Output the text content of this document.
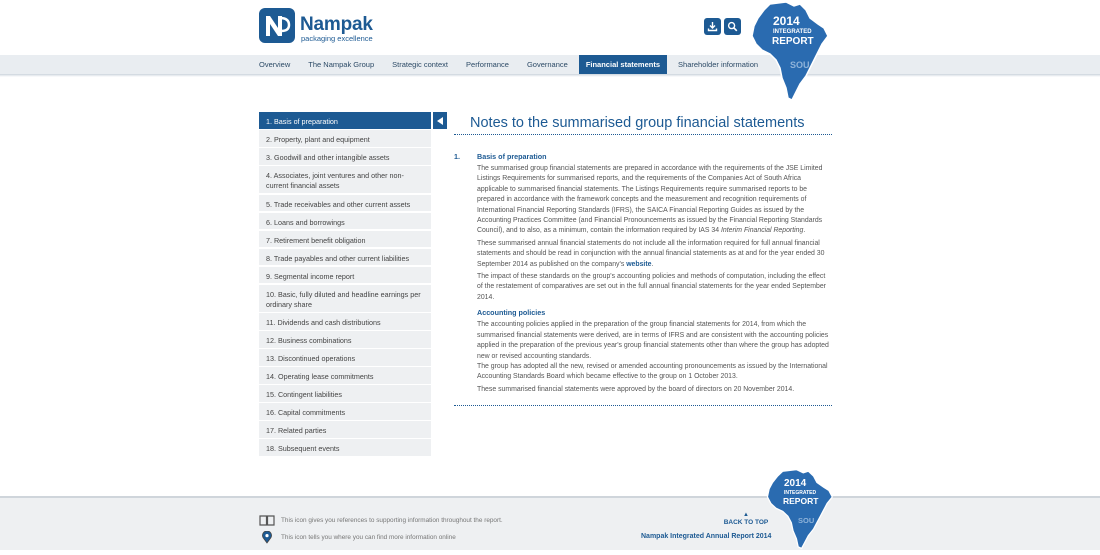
Nampak
packaging excellence
2014
INTEGRATED
REPORT
SOU
Overview	The Nampak Group	Strategic context	Performance	Governance	Financial statements	Shareholder information
1. Basis of preparation
2. Property, plant and equipment
3. Goodwill and other intangible assets
4. Associates, joint ventures and other non-current financial assets
5. Trade receivables and other current assets
6. Loans and borrowings
7. Retirement benefit obligation
8. Trade payables and other current liabilities
9. Segmental income report
10. Basic, fully diluted and headline earnings per ordinary share
11. Dividends and cash distributions
12. Business combinations
13. Discontinued operations
14. Operating lease commitments
15. Contingent liabilities
16. Capital commitments
17. Related parties
18. Subsequent events
Notes to the summarised group financial statements
1. Basis of preparation

The summarised group financial statements are prepared in accordance with the requirements of the JSE Limited Listings Requirements for summarised reports, and the requirements of the Companies Act of South Africa applicable to summarised financial statements. The Listings Requirements require summarised reports to be prepared in accordance with the framework concepts and the measurement and recognition requirements of International Financial Reporting Standards (IFRS), the SAICA Financial Reporting Guides as issued by the Accounting Practices Committee (and Financial Pronouncements as issued by the Financial Reporting Standards Council), and to also, as a minimum, contain the information required by IAS 34 Interim Financial Reporting.

These summarised annual financial statements do not include all the information required for full annual financial statements and should be read in conjunction with the annual financial statements as at and for the year ended 30 September 2014 as published on the company's website.

The impact of these standards on the group's accounting policies and methods of computation, including the effect of the restatement of comparatives are set out in the full annual financial statements for the year ended September 2014.

Accounting policies

The accounting policies applied in the preparation of the group financial statements for 2014, from which the summarised financial statements were derived, are in terms of IFRS and are consistent with the accounting policies applied in the preparation of the previous year's group financial statements other than where the group has adopted new or revised accounting standards.

The group has adopted all the new, revised or amended accounting pronouncements as issued by the International Accounting Standards Board which became effective to the group on 1 October 2013.

These summarised financial statements were approved by the board of directors on 20 November 2014.

This icon gives you references to supporting information throughout the report.
This icon tells you where you can find more information online
▲
BACK TO TOP
Nampak Integrated Annual Report 2014
2014
INTEGRATED
REPORT
SOU
